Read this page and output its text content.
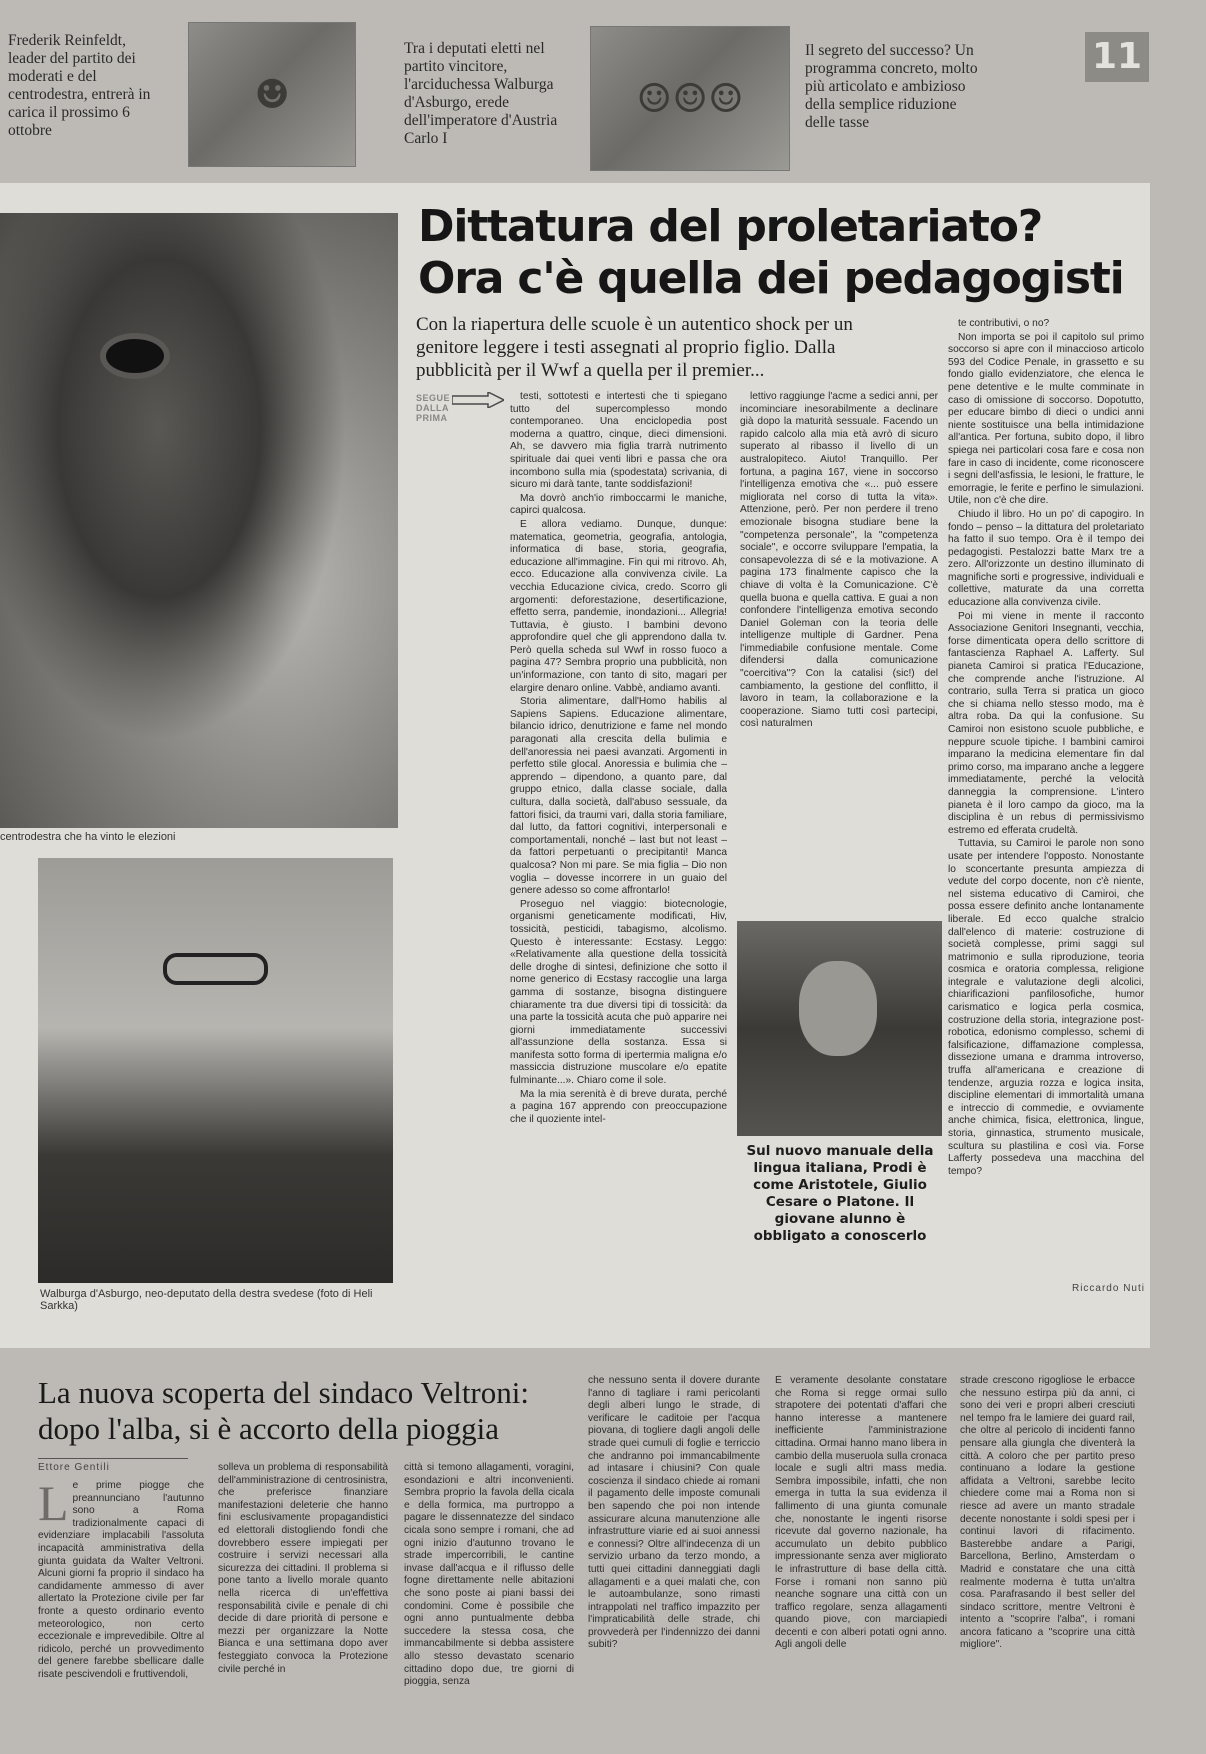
Frederik Reinfeldt, leader del partito dei moderati e del centrodestra, entrerà in carica il prossimo 6 ottobre
☻
Tra i deputati eletti nel partito vincitore, l'arciduchessa Walburga d'Asburgo, erede dell'imperatore d'Austria Carlo I
☺☺☺
Il segreto del successo? Un programma concreto, molto più articolato e ambizioso della semplice riduzione delle tasse
11
centrodestra che ha vinto le elezioni
Walburga d'Asburgo, neo-deputato della destra svedese (foto di Heli Sarkka)
Dittatura del proletariato?
Ora c'è quella dei pedagogisti
Con la riapertura delle scuole è un autentico shock per un genitore leggere i testi assegnati al proprio figlio. Dalla pubblicità per il Wwf a quella per il premier...
SEGUE DALLA PRIMA

testi, sottotesti e intertesti che ti spiegano tutto del supercomplesso mondo contemporaneo. Una enciclopedia post moderna a quattro, cinque, dieci dimensioni. Ah, se davvero mia figlia trarrà nutrimento spirituale dai quei venti libri e passa che ora incombono sulla mia (spodestata) scrivania, di sicuro mi darà tante, tante soddisfazioni!

Ma dovrò anch'io rimboccarmi le maniche, capirci qualcosa.

E allora vediamo. Dunque, dunque: matematica, geometria, geografia, antologia, informatica di base, storia, geografia, educazione all'immagine. Fin qui mi ritrovo. Ah, ecco. Educazione alla convivenza civile. La vecchia Educazione civica, credo. Scorro gli argomenti: deforestazione, desertificazione, effetto serra, pandemie, inondazioni... Allegria! Tuttavia, è giusto. I bambini devono approfondire quel che gli apprendono dalla tv. Però quella scheda sul Wwf in rosso fuoco a pagina 47? Sembra proprio una pubblicità, non un'informazione, con tanto di sito, magari per elargire denaro online. Vabbè, andiamo avanti.

Storia alimentare, dall'Homo habilis al Sapiens Sapiens. Educazione alimentare, bilancio idrico, denutrizione e fame nel mondo paragonati alla crescita della bulimia e dell'anoressia nei paesi avanzati. Argomenti in perfetto stile glocal. Anoressia e bulimia che – apprendo – dipendono, a quanto pare, dal gruppo etnico, dalla classe sociale, dalla cultura, dalla società, dall'abuso sessuale, da fattori fisici, da traumi vari, dalla storia familiare, dal lutto, da fattori cognitivi, interpersonali e comportamentali, nonché – last but not least – da fattori perpetuanti o precipitanti! Manca qualcosa? Non mi pare. Se mia figlia – Dio non voglia – dovesse incorrere in un guaio del genere adesso so come affrontarlo!

Proseguo nel viaggio: biotecnologie, organismi geneticamente modificati, Hiv, tossicità, pesticidi, tabagismo, alcolismo. Questo è interessante: Ecstasy. Leggo: «Relativamente alla questione della tossicità delle droghe di sintesi, definizione che sotto il nome generico di Ecstasy raccoglie una larga gamma di sostanze, bisogna distinguere chiaramente tra due diversi tipi di tossicità: da una parte la tossicità acuta che può apparire nei giorni immediatamente successivi all'assunzione della sostanza. Essa si manifesta sotto forma di ipertermia maligna e/o massiccia distruzione muscolare e/o epatite fulminante...». Chiaro come il sole.

Ma la mia serenità è di breve durata, perché a pagina 167 apprendo con preoccupazione che il quoziente intel-

lettivo raggiunge l'acme a sedici anni, per incominciare inesorabilmente a declinare già dopo la maturità sessuale. Facendo un rapido calcolo alla mia età avrò di sicuro superato al ribasso il livello di un australopiteco. Aiuto! Tranquillo. Per fortuna, a pagina 167, viene in soccorso l'intelligenza emotiva che «... può essere migliorata nel corso di tutta la vita». Attenzione, però. Per non perdere il treno emozionale bisogna studiare bene la "competenza personale", la "competenza sociale", e occorre sviluppare l'empatia, la consapevolezza di sé e la motivazione. A pagina 173 finalmente capisco che la chiave di volta è la Comunicazione. C'è quella buona e quella cattiva. E guai a non confondere l'intelligenza emotiva secondo Daniel Goleman con la teoria delle intelligenze multiple di Gardner. Pena l'immediabile confusione mentale. Come difendersi dalla comunicazione "coercitiva"? Con la catalisi (sic!) del cambiamento, la gestione del conflitto, il lavoro in team, la collaborazione e la cooperazione. Siamo tutti così partecipi, così naturalmen

Sul nuovo manuale della lingua italiana, Prodi è come Aristotele, Giulio Cesare o Platone. Il giovane alunno è obbligato a conoscerlo

te contributivi, o no?

Non importa se poi il capitolo sul primo soccorso si apre con il minaccioso articolo 593 del Codice Penale, in grassetto e su fondo giallo evidenziatore, che elenca le pene detentive e le multe comminate in caso di omissione di soccorso. Dopotutto, per educare bimbo di dieci o undici anni niente sostituisce una bella intimidazione all'antica. Per fortuna, subito dopo, il libro spiega nei particolari cosa fare e cosa non fare in caso di incidente, come riconoscere i segni dell'asfissia, le lesioni, le fratture, le emorragie, le ferite e perfino le simulazioni. Utile, non c'è che dire.

Chiudo il libro. Ho un po' di capogiro. In fondo – penso – la dittatura del proletariato ha fatto il suo tempo. Ora è il tempo dei pedagogisti. Pestalozzi batte Marx tre a zero. All'orizzonte un destino illuminato di magnifiche sorti e progressive, individuali e collettive, maturate da una corretta educazione alla convivenza civile.

Poi mi viene in mente il racconto Associazione Genitori Insegnanti, vecchia, forse dimenticata opera dello scrittore di fantascienza Raphael A. Lafferty. Sul pianeta Camiroi si pratica l'Educazione, che comprende anche l'istruzione. Al contrario, sulla Terra si pratica un gioco che si chiama nello stesso modo, ma è altra roba. Da qui la confusione. Su Camiroi non esistono scuole pubbliche, e neppure scuole tipiche. I bambini camiroi imparano la medicina elementare fin dal primo corso, ma imparano anche a leggere immediatamente, perché la velocità danneggia la comprensione. L'intero pianeta è il loro campo da gioco, ma la disciplina è un rebus di permissivismo estremo ed efferata crudeltà.

Tuttavia, su Camiroi le parole non sono usate per intendere l'opposto. Nonostante lo sconcertante presunta ampiezza di vedute del corpo docente, non c'è niente, nel sistema educativo di Camiroi, che possa essere definito anche lontanamente liberale. Ed ecco qualche stralcio dall'elenco di materie: costruzione di società complesse, primi saggi sul matrimonio e sulla riproduzione, teoria cosmica e oratoria complessa, religione integrale e valutazione degli alcolici, chiarificazioni panfilosofiche, humor carismatico e logica perla cosmica, costruzione della storia, integrazione post-robotica, edonismo complesso, schemi di falsificazione, diffamazione complessa, dissezione umana e dramma introverso, truffa all'americana e creazione di tendenze, arguzia rozza e logica insita, discipline elementari di immortalità umana e intreccio di commedie, e ovviamente anche chimica, fisica, elettronica, lingue, storia, ginnastica, strumento musicale, scultura su plastilina e così via. Forse Lafferty possedeva una macchina del tempo?

Riccardo Nuti
La nuova scoperta del sindaco Veltroni:
dopo l'alba, si è accorto della pioggia
Ettore Gentili
L e prime piogge che preannunciano l'autunno sono a Roma tradizionalmente capaci di evidenziare implacabili l'assoluta incapacità amministrativa della giunta guidata da Walter Veltroni. Alcuni giorni fa proprio il sindaco ha candidamente ammesso di aver allertato la Protezione civile per far fronte a questo ordinario evento meteorologico, non certo eccezionale e imprevedibile. Oltre al ridicolo, perché un provvedimento del genere farebbe sbellicare dalle risate pescivendoli e fruttivendoli,
solleva un problema di responsabilità dell'amministrazione di centrosinistra, che preferisce finanziare manifestazioni deleterie che hanno fini esclusivamente propagandistici ed elettorali distogliendo fondi che dovrebbero essere impiegati per costruire i servizi necessari alla sicurezza dei cittadini. Il problema si pone tanto a livello morale quanto nella ricerca di un'effettiva responsabilità civile e penale di chi decide di dare priorità di persone e mezzi per organizzare la Notte Bianca e una settimana dopo aver festeggiato convoca la Protezione civile perché in
città si temono allagamenti, voragini, esondazioni e altri inconvenienti. Sembra proprio la favola della cicala e della formica, ma purtroppo a pagare le dissennatezze del sindaco cicala sono sempre i romani, che ad ogni inizio d'autunno trovano le strade impercorribili, le cantine invase dall'acqua e il riflusso delle fogne direttamente nelle abitazioni che sono poste ai piani bassi dei condomini. Come è possibile che ogni anno puntualmente debba succedere la stessa cosa, che immancabilmente si debba assistere allo stesso devastato scenario cittadino dopo due, tre giorni di pioggia, senza
che nessuno senta il dovere durante l'anno di tagliare i rami pericolanti degli alberi lungo le strade, di verificare le caditoie per l'acqua piovana, di togliere dagli angoli delle strade quei cumuli di foglie e terriccio che andranno poi immancabilmente ad intasare i chiusini? Con quale coscienza il sindaco chiede ai romani il pagamento delle imposte comunali ben sapendo che poi non intende assicurare alcuna manutenzione alle infrastrutture viarie ed ai suoi annessi e connessi? Oltre all'indecenza di un servizio urbano da terzo mondo, a tutti quei cittadini danneggiati dagli allagamenti e a quei malati che, con le autoambulanze, sono rimasti intrappolati nel traffico impazzito per l'impraticabilità delle strade, chi provvederà per l'indennizzo dei danni subiti?
È veramente desolante constatare che Roma si regge ormai sullo strapotere dei potentati d'affari che hanno interesse a mantenere inefficiente l'amministrazione cittadina. Ormai hanno mano libera in cambio della museruola sulla cronaca locale e sugli altri mass media. Sembra impossibile, infatti, che non emerga in tutta la sua evidenza il fallimento di una giunta comunale che, nonostante le ingenti risorse ricevute dal governo nazionale, ha accumulato un debito pubblico impressionante senza aver migliorato le infrastrutture di base della città. Forse i romani non sanno più neanche sognare una città con un traffico regolare, senza allagamenti quando piove, con marciapiedi decenti e con alberi potati ogni anno. Agli angoli delle
strade crescono rigogliose le erbacce che nessuno estirpa più da anni, ci sono dei veri e propri alberi cresciuti nel tempo fra le lamiere dei guard rail, che oltre al pericolo di incidenti fanno pensare alla giungla che diventerà la città. A coloro che per partito preso continuano a lodare la gestione affidata a Veltroni, sarebbe lecito chiedere come mai a Roma non si riesce ad avere un manto stradale decente nonostante i soldi spesi per i continui lavori di rifacimento. Basterebbe andare a Parigi, Barcellona, Berlino, Amsterdam o Madrid e constatare che una città realmente moderna è tutta un'altra cosa. Parafrasando il best seller del sindaco scrittore, mentre Veltroni è intento a "scoprire l'alba", i romani ancora faticano a "scoprire una città migliore".
